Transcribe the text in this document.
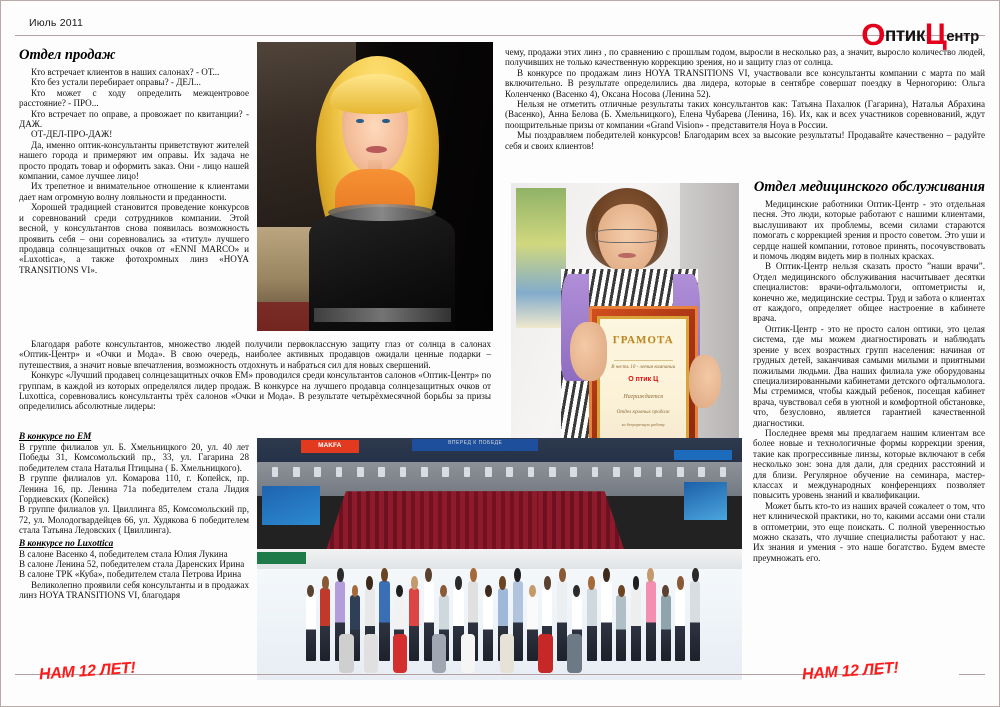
Июль 2011	ОптикЦентр
Отдел продаж

Кто встречает клиентов в наших салонах? - ОТ...

Кто без устали перебирает оправы? - ДЕЛ...

Кто может с ходу определить межцентровое расстояние? - ПРО...

Кто встречает по оправе, а провожает по квитанции? - ДАЖ.

ОТ-ДЕЛ-ПРО-ДАЖ!

Да, именно оптик-консультанты приветствуют жителей нашего города и примеряют им оправы. Их задача не просто продать товар и оформить заказ. Они - лицо нашей компании, самое лучшее лицо!

Их трепетное и внимательное отношение к клиентами дает нам огромную волну лояльности и преданности.

Хорошей традицией становится проведение конкурсов и соревнований среди сотрудников компании. Этой весной, у консультантов снова появилась возможность проявить себя – они соревновались за «титул» лучшего продавца солнцезащитных очков от «ENNI MARCO» и «Luxottica», а также фотохромных линз «HOYA TRANSITIONS VI».

Благодаря работе консультантов, множество людей получили первоклассную защиту глаз от солнца в салонах «Оптик-Центр» и «Очки и Мода». В свою очередь, наиболее активных продавцов ожидали ценные подарки – путешествия, а значит новые впечатления, возможность отдохнуть и набраться сил для новых свершений.

Конкурс «Лучший продавец солнцезащитных очков ЕМ» проводился среди консультантов салонов «Оптик-Центр» по группам, в каждой из которых определялся лидер продаж. В конкурсе на лучшего продавца солнцезащитных очков от Luxottica, соревновались консультанты трёх салонов «Очки и Мода». В результате четырёхмесячной борьбы за призы определились абсолютные лидеры:

В конкурсе по ЕМ

В группе филиалов ул. Б. Хмельницкого 20, ул. 40 лет Победы 31, Комсомольский пр., 33, ул. Гагарина 28 победителем стала Наталья Птицына ( Б. Хмельницкого).

В группе филиалов ул. Комарова 110, г. Копейск, пр. Ленина 16, пр. Ленина 71а победителем стала Лидия Гордиевских (Копейск)

В группе филиалов ул. Цвиллинга 85, Комсомольский пр, 72, ул. Молодогвардейцев 66, ул. Худякова 6 победителем стала Татьяна Ледовских ( Цвиллинга).

В конкурсе по Luxottica

В салоне Васенко 4, победителем стала Юлия Лукина

В салоне Ленина 52, победителем стала Даренских Ирина

В салоне ТРК «Куба», победителем стала Петрова Ирина

Великолепно проявили себя консультанты и в продажах линз HOYA TRANSITIONS VI, благодаря

чему, продажи этих линз , по сравнению с прошлым годом, выросли в несколько раз, а значит, выросло количество людей, получивших не только качественную коррекцию зрения, но и защиту глаз от солнца.

В конкурсе по продажам линз HOYA TRANSITIONS VI, участвовали все консультанты компании с марта по май включительно. В результате определились два лидера, которые в сентябре совершат поездку в Черногорию: Ольга Коленченко (Васенко 4), Оксана Носова (Ленина 52).

Нельзя не отметить отличные результаты таких консультантов как: Татьяна Пахалюк (Гагарина), Наталья Абрахина (Васенко), Анна Белова (Б. Хмельницкого), Елена Чубарева (Ленина, 16). Их, как и всех участников соревнований, ждут поощрительные призы от компании «Grand Vision» - представителя Hoya в России.

Мы поздравляем победителей конкурсов! Благодарим всех за высокие результаты! Продавайте качественно – радуйте себя и своих клиентов!

Отдел медицинского обслуживания

Медицинские работники Оптик-Центр - это отдельная песня. Это люди, которые работают с нашими клиентами, выслушивают их проблемы, всеми силами стараются помогать с коррекцией зрения и просто советом. Это уши и сердце нашей компании, готовое принять, посочувствовать и помочь людям видеть мир в полных красках.

В Оптик-Центр нельзя сказать просто ”наши врачи”. Отдел медицинского обслуживания насчитывает десятки специалистов: врачи-офтальмологи, оптометристы и, конечно же, медицинские сестры. Труд и забота о клиентах от каждого, определяет общее настроение в кабинете врача.

Оптик-Центр - это не просто салон оптики, это целая система, где мы можем диагностировать и наблюдать зрение у всех возрастных групп населения: начиная от грудных детей, заканчивая самыми милыми и приятными пожилыми людьми. Два наших филиала уже оборудованы специализированными кабинетами детского офтальмолога. Мы стремимся, чтобы каждый ребенок, посещая кабинет врача, чувствовал себя в уютной и комфортной обстановке, что, безусловно, является гарантией качественной диагностики.

Последнее время мы предлагаем нашим клиентам все более новые и технологичные формы коррекции зрения, такие как прогрессивные линзы, которые включают в себя несколько зон: зона для дали, для средних расстояний и для близи. Регулярное обучение на семинара, мастер-классах и международных конференциях позволяет повысить уровень знаний и квалификации.

Может быть кто-то из наших врачей сожалеет о том, что нет клинической практики, но то, какими ассами они стали в оптометрии, это еще поискать. С полной уверенностью можно сказать, что лучшие специалисты работают у нас. Их знания и умения - это наше богатство. Будем вместе преумножать его.

ГРАМОТА
В честь 10 - летия компании
О птик Ц
Награждается
Отдел кровных продаж
за безупречную работу
ВПЕРЕД К ПОБЕДЕ
MAKFA
НАМ 12 ЛЕТ!	НАМ 12 ЛЕТ!
